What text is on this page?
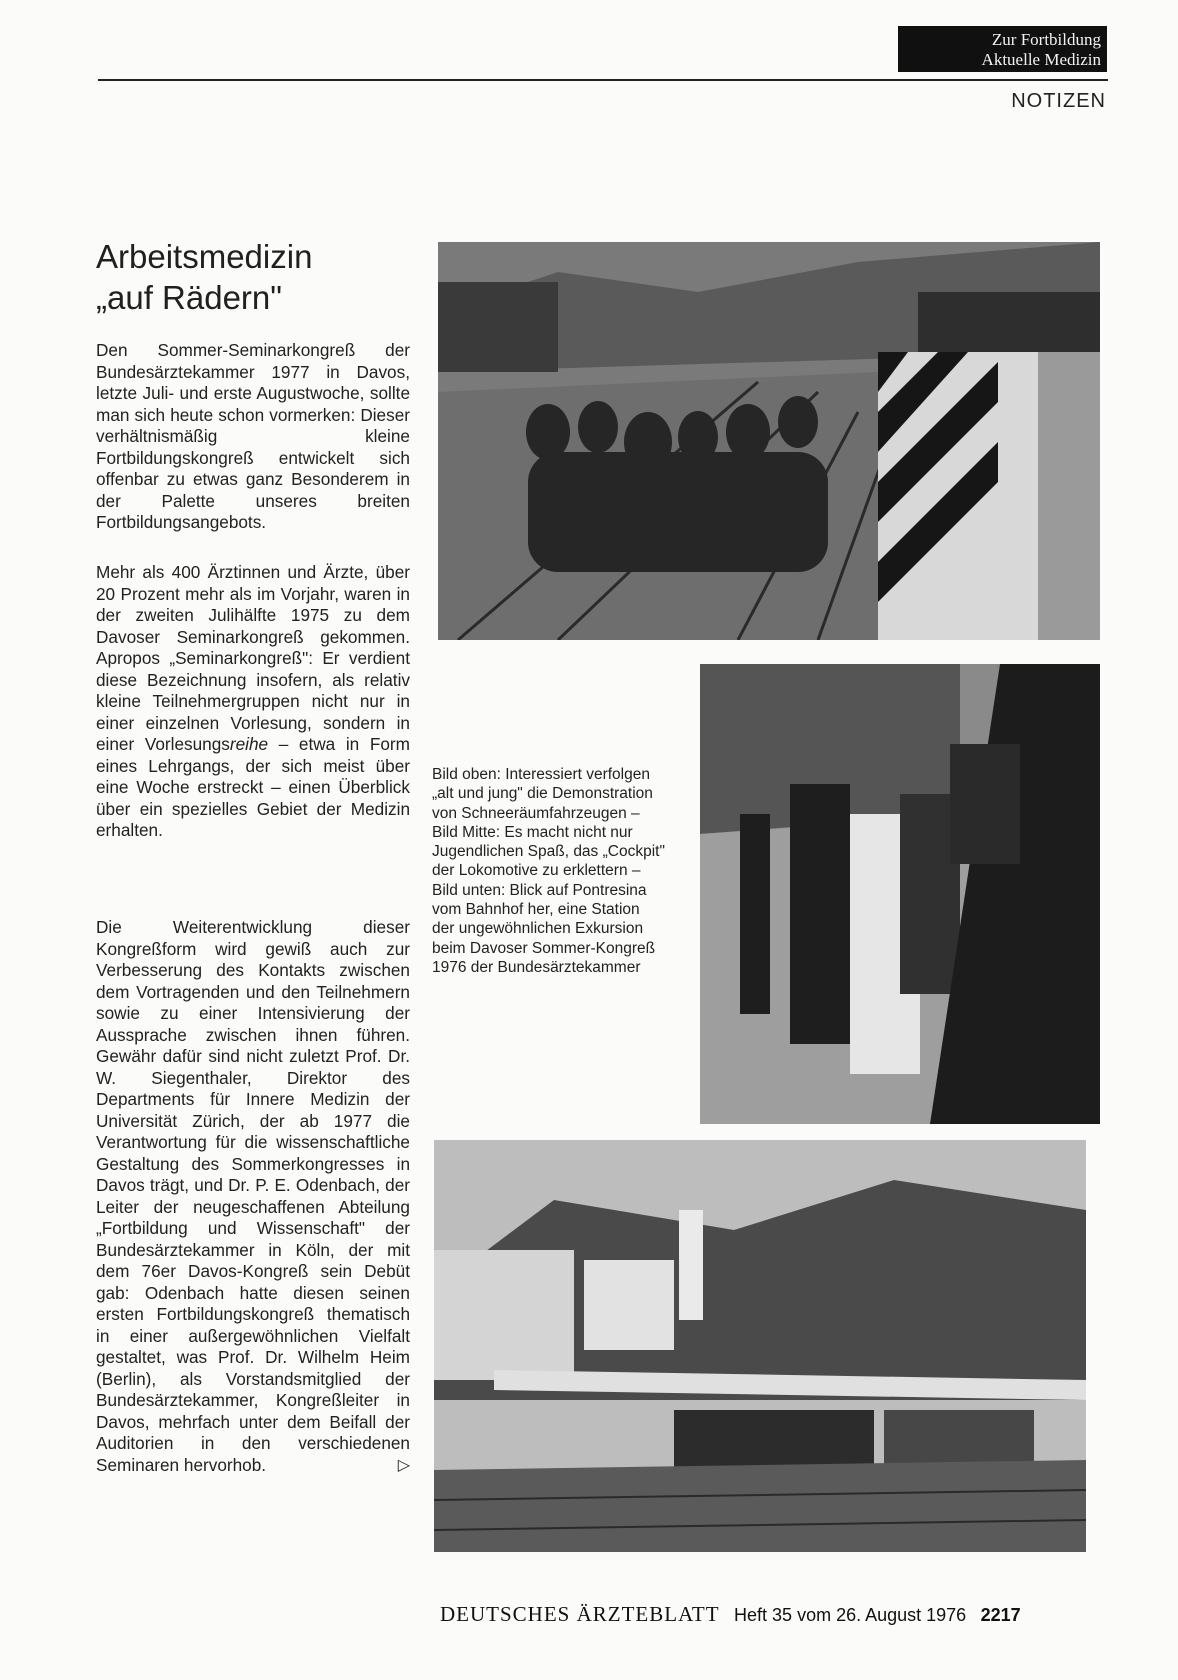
Zur Fortbildung
Aktuelle Medizin
NOTIZEN
Arbeitsmedizin
„auf Rädern"

Den Sommer-Seminarkongreß der Bundesärztekammer 1977 in Davos, letzte Juli- und erste Augustwoche, sollte man sich heute schon vormerken: Dieser verhältnismäßig kleine Fortbildungskongreß entwickelt sich offenbar zu etwas ganz Besonderem in der Palette unseres breiten Fortbildungsangebots.

Mehr als 400 Ärztinnen und Ärzte, über 20 Prozent mehr als im Vorjahr, waren in der zweiten Julihälfte 1975 zu dem Davoser Seminarkongreß gekommen. Apropos „Seminarkongreß": Er verdient diese Bezeichnung insofern, als relativ kleine Teilnehmergruppen nicht nur in einer einzelnen Vorlesung, sondern in einer Vorlesungsreihe – etwa in Form eines Lehrgangs, der sich meist über eine Woche erstreckt – einen Überblick über ein spezielles Gebiet der Medizin erhalten.

Die Weiterentwicklung dieser Kongreßform wird gewiß auch zur Verbesserung des Kontakts zwischen dem Vortragenden und den Teilnehmern sowie zu einer Intensivierung der Aussprache zwischen ihnen führen. Gewähr dafür sind nicht zuletzt Prof. Dr. W. Siegenthaler, Direktor des Departments für Innere Medizin der Universität Zürich, der ab 1977 die Verantwortung für die wissenschaftliche Gestaltung des Sommerkongresses in Davos trägt, und Dr. P. E. Odenbach, der Leiter der neugeschaffenen Abteilung „Fortbildung und Wissenschaft" der Bundesärztekammer in Köln, der mit dem 76er Davos-Kongreß sein Debüt gab: Odenbach hatte diesen seinen ersten Fortbildungskongreß thematisch in einer außergewöhnlichen Vielfalt gestaltet, was Prof. Dr. Wilhelm Heim (Berlin), als Vorstandsmitglied der Bundesärztekammer, Kongreßleiter in Davos, mehrfach unter dem Beifall der Auditorien in den verschiedenen Seminaren hervorhob.	▷

Bild oben: Interessiert verfolgen „alt und jung" die Demonstration von Schneeräumfahrzeugen – Bild Mitte: Es macht nicht nur Jugendlichen Spaß, das „Cockpit" der Lokomotive zu erklettern – Bild unten: Blick auf Pontresina vom Bahnhof her, eine Station der ungewöhnlichen Exkursion beim Davoser Sommer-Kongreß 1976 der Bundesärztekammer
DEUTSCHES ÄRZTEBLATT Heft 35 vom 26. August 1976 2217
